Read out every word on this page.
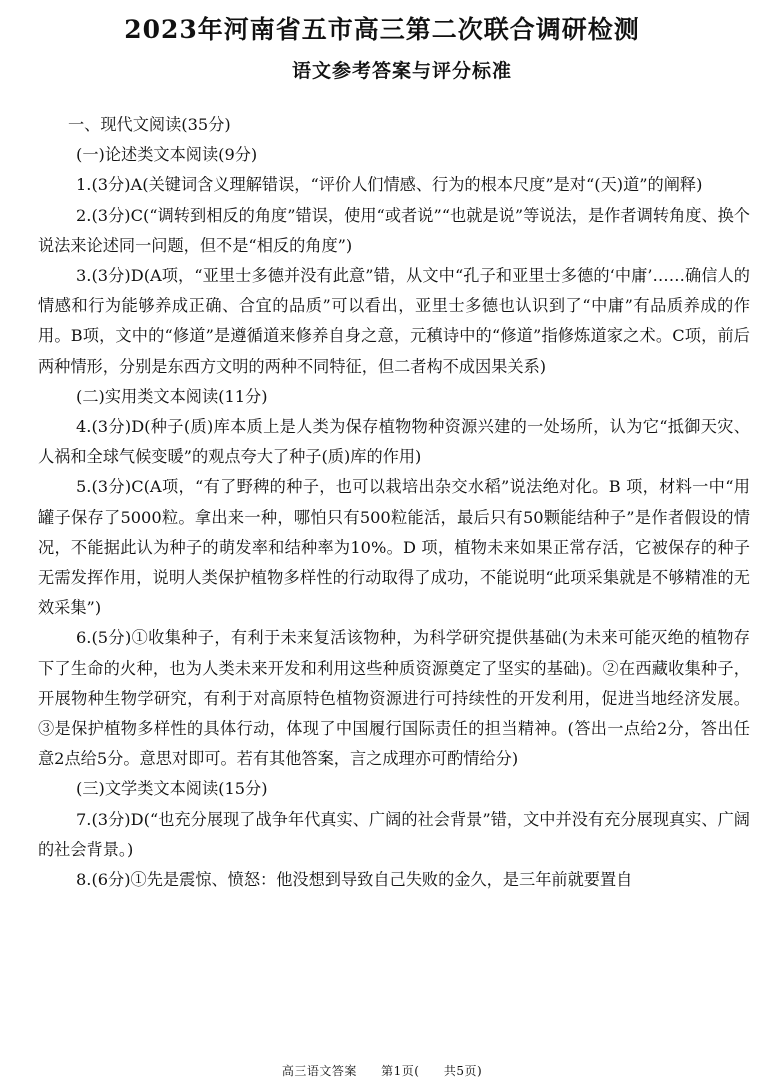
2023年河南省五市高三第二次联合调研检测
语文参考答案与评分标准
一、现代文阅读(35分)
(一)论述类文本阅读(9分)
1.(3分)A(关键词含义理解错误，“评价人们情感、行为的根本尺度”是对“(天)道”的阐释)
2.(3分)C(“调转到相反的角度”错误，使用“或者说”“也就是说”等说法，是作者调转角度、换个说法来论述同一问题，但不是“相反的角度”)
3.(3分)D(A项，“亚里士多德并没有此意”错，从文中“孔子和亚里士多德的‘中庸’……确信人的情感和行为能够养成正确、合宜的品质”可以看出，亚里士多德也认识到了“中庸”有品质养成的作用。B项，文中的“修道”是遵循道来修养自身之意，元稹诗中的“修道”指修炼道家之术。C项，前后两种情形，分别是东西方文明的两种不同特征，但二者构不成因果关系)
(二)实用类文本阅读(11分)
4.(3分)D(种子(质)库本质上是人类为保存植物物种资源兴建的一处场所，认为它“抵御天灾、人祸和全球气候变暖”的观点夸大了种子(质)库的作用)
5.(3分)C(A项，“有了野稗的种子，也可以栽培出杂交水稻”说法绝对化。B 项，材料一中“用罐子保存了5000粒。拿出来一种，哪怕只有500粒能活，最后只有50颗能结种子”是作者假设的情况，不能据此认为种子的萌发率和结种率为10%。D 项，植物未来如果正常存活，它被保存的种子无需发挥作用，说明人类保护植物多样性的行动取得了成功，不能说明“此项采集就是不够精准的无效采集”)
6.(5分)①收集种子，有利于未来复活该物种，为科学研究提供基础(为未来可能灭绝的植物存下了生命的火种，也为人类未来开发和利用这些种质资源奠定了坚实的基础)。②在西藏收集种子，开展物种生物学研究，有利于对高原特色植物资源进行可持续性的开发利用，促进当地经济发展。③是保护植物多样性的具体行动，体现了中国履行国际责任的担当精神。(答出一点给2分，答出任意2点给5分。意思对即可。若有其他答案，言之成理亦可酌情给分)
(三)文学类文本阅读(15分)
7.(3分)D(“也充分展现了战争年代真实、广阔的社会背景”错，文中并没有充分展现真实、广阔的社会背景。)
8.(6分)①先是震惊、愤怒：他没想到导致自己失败的金久，是三年前就要置自
高三语文答案 第1页( 共5页)
